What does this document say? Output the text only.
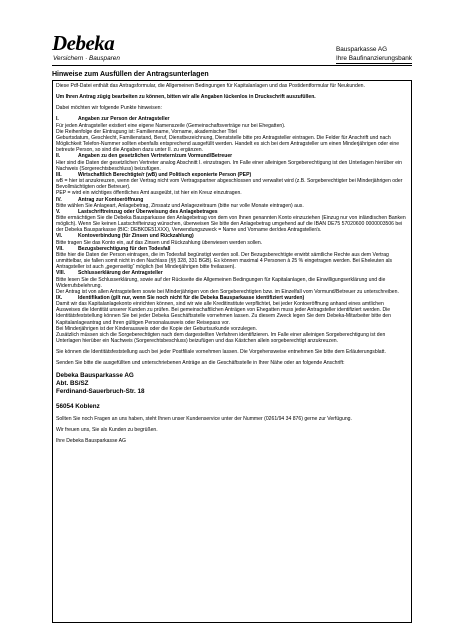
Debeka
Versichern · Bausparen
Bausparkasse AG
Ihre Baufinanzierungsbank
Hinweise zum Ausfüllen der Antragsunterlagen

Diese Pdf-Datei enthält das Antragsformular, die Allgemeinen Bedingungen für Kapitalanlagen und das Postidentformular für Neukunden.

Um Ihren Antrag zügig bearbeiten zu können, bitten wir alle Angaben lückenlos in Druckschrift auszufüllen.

Dabei möchten wir folgende Punkte hinweisen:

I.	Angaben zur Person der Antragsteller

Für jeden Antragsteller existiert eine eigene Namenszeile (Gemeinschaftsverträge nur bei Ehegatten).

Die Reihenfolge der Eintragung ist: Familienname, Vorname, akademischer Titel

Geburtsdatum, Geschlecht, Familienstand, Beruf, Dienstbezeichnung, Dienststelle bitte pro Antragsteller eintragen. Die Felder für Anschrift und nach Möglichkeit Telefon-Nummer sollten ebenfalls entsprechend ausgefüllt werden. Handelt es sich bei dem Antragsteller um einen Minderjährigen oder eine betreute Person, so sind die Angaben dazu unter II. zu ergänzen.

II.	Angaben zu den gesetzlichen Vertretern/zum Vormund/Betreuer

Hier sind die Daten der gesetzlichen Vertreter analog Abschnitt I. einzutragen. Im Falle einer alleinigen Sorgeberechtigung ist den Unterlagen hierüber ein Nachweis (Sorgerechtsbeschluss) beizufügen.

III.	Wirtschaftlich Berechtigte/r (wB) und Politisch exponierte Person (PEP)

wB = hier ist anzukreuzen, wenn der Vertrag nicht vom Vertragspartner abgeschlossen und verwaltet wird (z.B. Sorgeberechtigter bei Minderjährigen oder Bevollmächtigten oder Betreuer).

PEP = wird ein wichtiges öffentliches Amt ausgeübt, ist hier ein Kreuz einzutragen.

IV.	Antrag zur Kontoeröffnung

Bitte wählen Sie Anlageart, Anlagebetrag, Zinssatz und Anlagezeitraum (bitte nur volle Monate eintragen) aus.

V.	Lastschriftreinzug oder Überweisung des Anlagebetrages

Bitte ermächtigen Sie die Debeka Bausparkasse den Anlagebetrag von dem von Ihnen genannten Konto einzuziehen (Einzug nur von inländischen Banken möglich). Wenn Sie keinen Lastschrifteinzug wünschen, überweisen Sie bitte den Anlagebetrag umgehend auf die IBAN DE75 57020600 0000003506 bei der Debeka Bausparkasse (BIC: DEBKDE51XXX), Verwendungszweck = Name und Vorname der/des Antragsteller/s.

VI.	Kontoverbindung (für Zinsen und Rückzahlung)

Bitte tragen Sie das Konto ein, auf das Zinsen und Rückzahlung überwiesen werden sollen.

VII.	Bezugsberechtigung für den Todesfall

Bitte hier die Daten der Person eintragen, die im Todesfall begünstigt werden soll. Der Bezugsberechtigte erwirbt sämtliche Rechte aus dem Vertrag unmittelbar, sie fallen somit nicht in den Nachlass (§§ 328, 331 BGB). Es können maximal 4 Personen à 25 % eingetragen werden. Bei Eheleuten als Antragsteller ist auch „gegenseitig“ möglich (bei Minderjährigen bitte freilassen).

VIII.	Schlusserklärung der Antragsteller

Bitte lesen Sie die Schlusserklärung, sowie auf der Rückseite die Allgemeinen Bedingungen für Kapitalanlagen, die Einwilligungserklärung und die Widerrufsbelehrung.

Der Antrag ist von allen Antragstellern sowie bei Minderjährigen von den Sorgeberechtigten bzw. im Einzelfall vom Vormund/Betreuer zu unterschreiben.

IX.	Identifikation (gilt nur, wenn Sie noch nicht für die Debeka Bausparkasse identifiziert wurden)

Damit wir das Kapitalanlagekonto einrichten können, sind wir wie alle Kreditinstitute verpflichtet, bei jeder Kontoeröffnung anhand eines amtlichen Ausweises die Identität unserer Kunden zu prüfen. Bei gemeinschaftlichen Anträgen von Ehegatten muss jeder Antragsteller identifiziert werden. Die Identitätsfeststellung können Sie bei jeder Debeka Geschäftsstelle vornehmen lassen. Zu diesem Zweck legen Sie dem Debeka-Mitarbeiter bitte den Kapitalanlageantrag und Ihren gültigen Personalausweis oder Reisepass vor.

Bei Minderjährigen ist der Kinderausweis oder die Kopie der Geburtsurkunde vorzulegen.

Zusätzlich müssen sich die Sorgeberechtigten nach dem dargestellten Verfahren identifizieren. Im Falle einer alleinigen Sorgeberechtigung ist den Unterlagen hierüber ein Nachweis (Sorgerechtsbeschluss) beizufügen und das Kästchen allein sorgeberechtigt anzukreuzen.

Sie können die Identitätsfeststellung auch bei jeder Postfiliale vornehmen lassen. Die Vorgehensweise entnehmen Sie bitte dem Erläuterungsblatt.

Senden Sie bitte die ausgefüllten und unterschriebenen Anträge an die Geschäftsstelle in Ihrer Nähe oder an folgende Anschrift:

Debeka Bausparkasse AG
Abt. BS/SZ
Ferdinand-Sauerbruch-Str. 18
56054 Koblenz

Sollten Sie noch Fragen an uns haben, steht Ihnen unser Kundenservice unter der Nummer (0261/94 34 876) gerne zur Verfügung.

Wir freuen uns, Sie als Kunden zu begrüßen.

Ihre Debeka Bausparkasse AG
